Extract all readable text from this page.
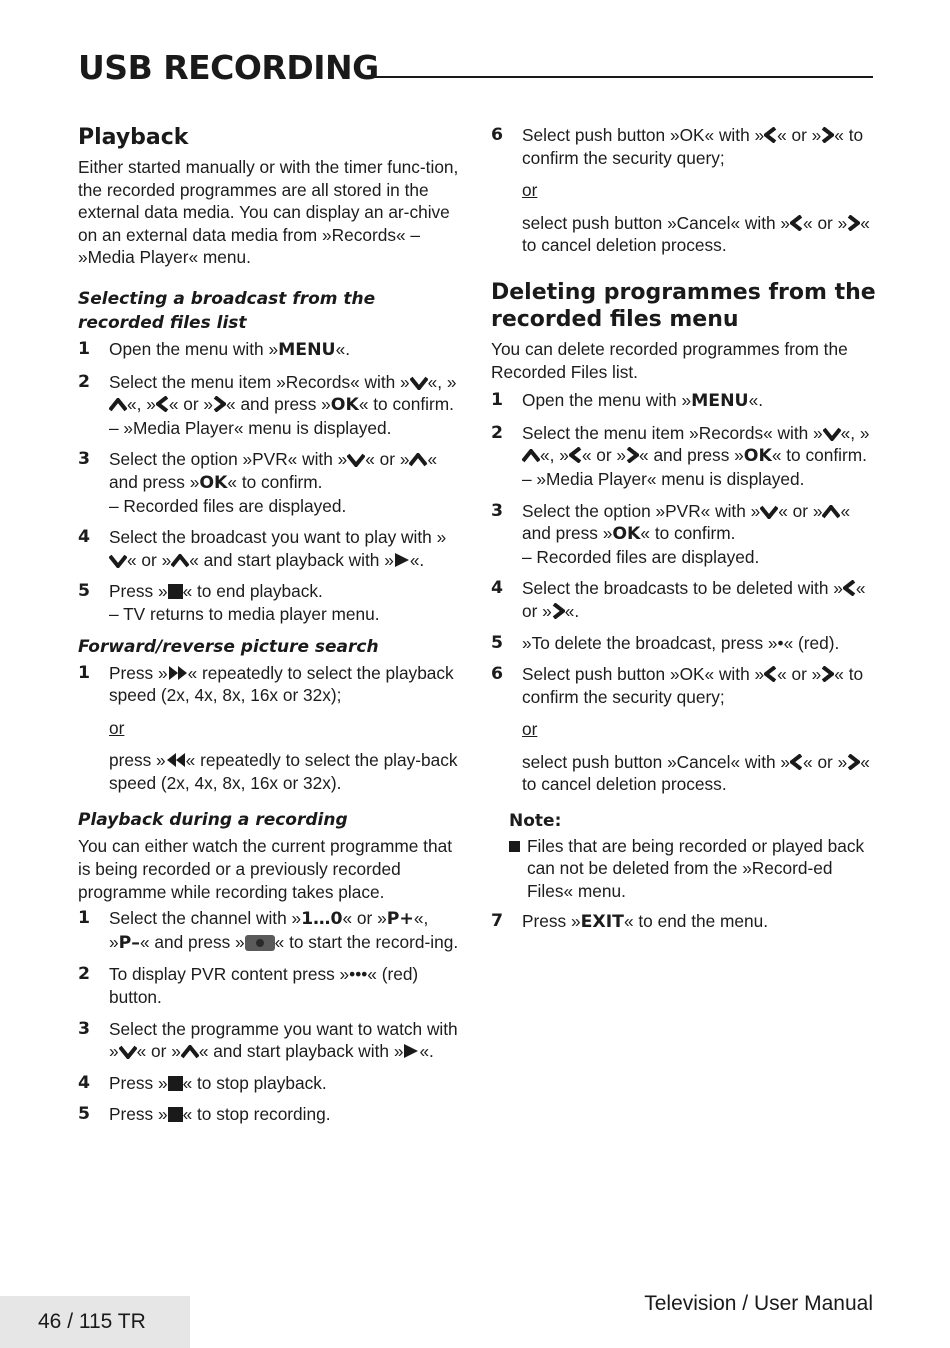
USB RECORDING
Playback

Either started manually or with the timer func-tion, the recorded programmes are all stored in the external data media. You can display an ar-chive on an external data media from »Records« – »Media Player« menu.

Selecting a broadcast from the recorded files list
1 Open the menu with »MENU«.
2 Select the menu item »Records« with » «, »
«, » « or » « and press »OK« to confirm.
– »Media Player« menu is displayed.
3 Select the option »PVR« with » « or » « and press »OK« to confirm.
– Recorded files are displayed.
4 Select the broadcast you want to play with »
« or » « and start playback with » «.
5 Press » « to end playback.
– TV returns to media player menu.
Forward/reverse picture search
1 Press » « repeatedly to select the playback speed (2x, 4x, 8x, 16x or 32x);
or
press » « repeatedly to select the play-back speed (2x, 4x, 8x, 16x or 32x).
Playback during a recording

You can either watch the current programme that is being recorded or a previously recorded programme while recording takes place.

1 Select the channel with »1…0« or »P+«, »P–« and press » « to start the record-ing.
2 To display PVR content press »•••« (red) button.
3 Select the programme you want to watch with » « or » « and start playback with » «.
4 Press » « to stop playback.
5 Press » « to stop recording.
6 Select push button »OK« with » « or » « to confirm the security query;
or
select push button »Cancel« with » « or » « to cancel deletion process.
Deleting programmes from the recorded files menu

You can delete recorded programmes from the Recorded Files list.

1 Open the menu with »MENU«.
2 Select the menu item »Records« with » «, »
«, » « or » « and press »OK« to confirm.
– »Media Player« menu is displayed.
3 Select the option »PVR« with » « or » « and press »OK« to confirm.
– Recorded files are displayed.
4 Select the broadcasts to be deleted with » « or » «.
5 »To delete the broadcast, press »•« (red).
6 Select push button »OK« with » « or » « to confirm the security query;
or
select push button »Cancel« with » « or » « to cancel deletion process.
Note:
Files that are being recorded or played back can not be deleted from the »Record-ed Files« menu.
7 Press »EXIT« to end the menu.
46 / 115 TR
Television / User Manual
